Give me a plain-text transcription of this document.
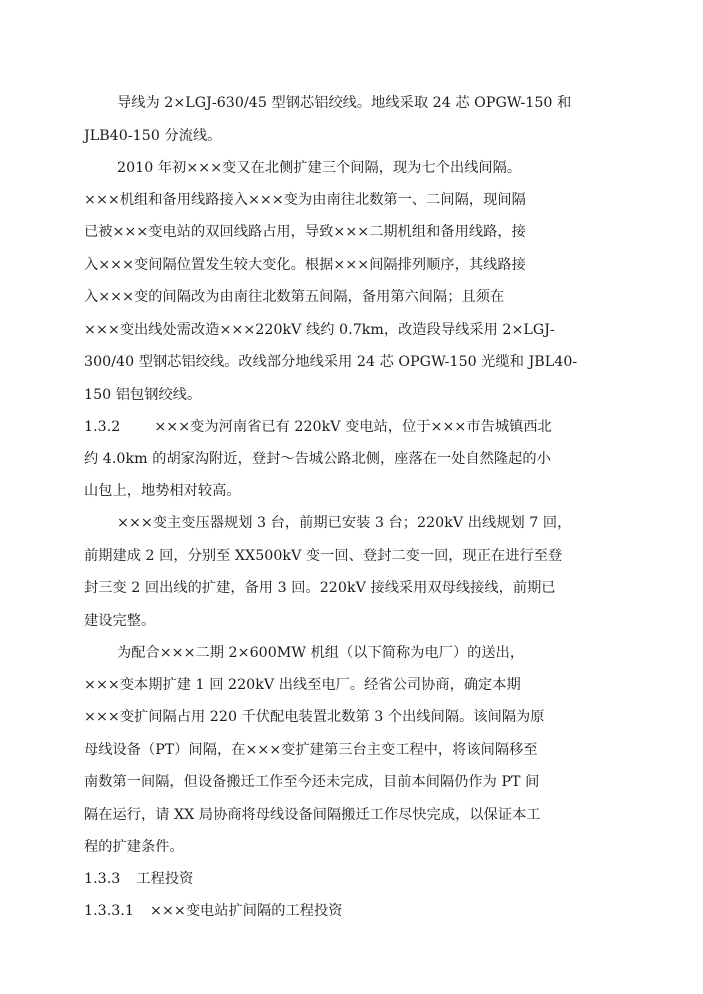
导线为 2×LGJ-630/45 型钢芯铝绞线。地线采取 24 芯 OPGW-150 和
JLB40-150 分流线。
2010 年初×××变又在北侧扩建三个间隔，现为七个出线间隔。
×××机组和备用线路接入×××变为由南往北数第一、二间隔，现间隔
已被×××变电站的双回线路占用，导致×××二期机组和备用线路，接
入×××变间隔位置发生较大变化。根据×××间隔排列顺序，其线路接
入×××变的间隔改为由南往北数第五间隔，备用第六间隔；且须在
×××变出线处需改造×××220kV 线约 0.7km，改造段导线采用 2×LGJ-
300/40 型钢芯铝绞线。改线部分地线采用 24 芯 OPGW-150 光缆和 JBL40-
150 铝包钢绞线。
1.3.2 ×××变为河南省已有 220kV 变电站，位于×××市告城镇西北
约 4.0km 的胡家沟附近，登封～告城公路北侧，座落在一处自然隆起的小
山包上，地势相对较高。
×××变主变压器规划 3 台，前期已安装 3 台；220kV 出线规划 7 回，
前期建成 2 回，分别至 XX500kV 变一回、登封二变一回，现正在进行至登
封三变 2 回出线的扩建，备用 3 回。220kV 接线采用双母线接线，前期已
建设完整。
为配合×××二期 2×600MW 机组（以下简称为电厂）的送出，
×××变本期扩建 1 回 220kV 出线至电厂。经省公司协商，确定本期
×××变扩间隔占用 220 千伏配电装置北数第 3 个出线间隔。该间隔为原
母线设备（PT）间隔，在×××变扩建第三台主变工程中，将该间隔移至
南数第一间隔，但设备搬迁工作至今还未完成，目前本间隔仍作为 PT 间
隔在运行，请 XX 局协商将母线设备间隔搬迁工作尽快完成，以保证本工
程的扩建条件。
1.3.3 工程投资
1.3.3.1 ×××变电站扩间隔的工程投资
